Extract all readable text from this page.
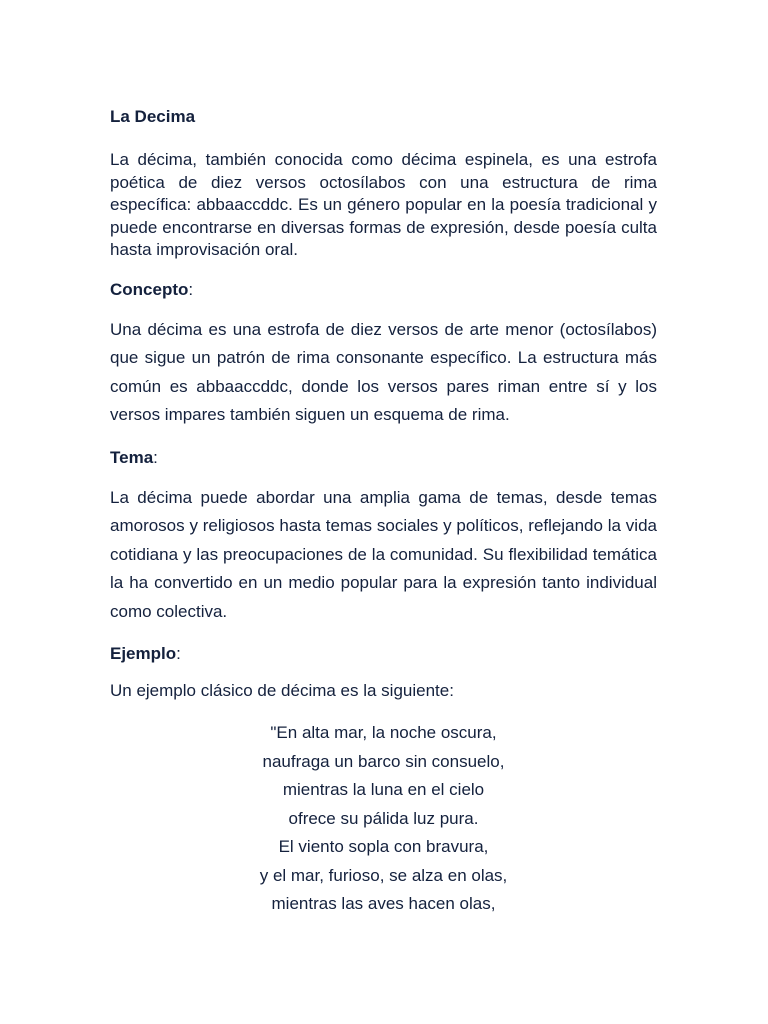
La Decima
La décima, también conocida como décima espinela, es una estrofa poética de diez versos octosílabos con una estructura de rima específica: abbaaccddc. Es un género popular en la poesía tradicional y puede encontrarse en diversas formas de expresión, desde poesía culta hasta improvisación oral.
Concepto:
Una décima es una estrofa de diez versos de arte menor (octosílabos) que sigue un patrón de rima consonante específico. La estructura más común es abbaaccddc, donde los versos pares riman entre sí y los versos impares también siguen un esquema de rima.
Tema:
La décima puede abordar una amplia gama de temas, desde temas amorosos y religiosos hasta temas sociales y políticos, reflejando la vida cotidiana y las preocupaciones de la comunidad. Su flexibilidad temática la ha convertido en un medio popular para la expresión tanto individual como colectiva.
Ejemplo:
Un ejemplo clásico de décima es la siguiente:
"En alta mar, la noche oscura,
naufraga un barco sin consuelo,
mientras la luna en el cielo
ofrece su pálida luz pura.
El viento sopla con bravura,
y el mar, furioso, se alza en olas,
mientras las aves hacen olas,
